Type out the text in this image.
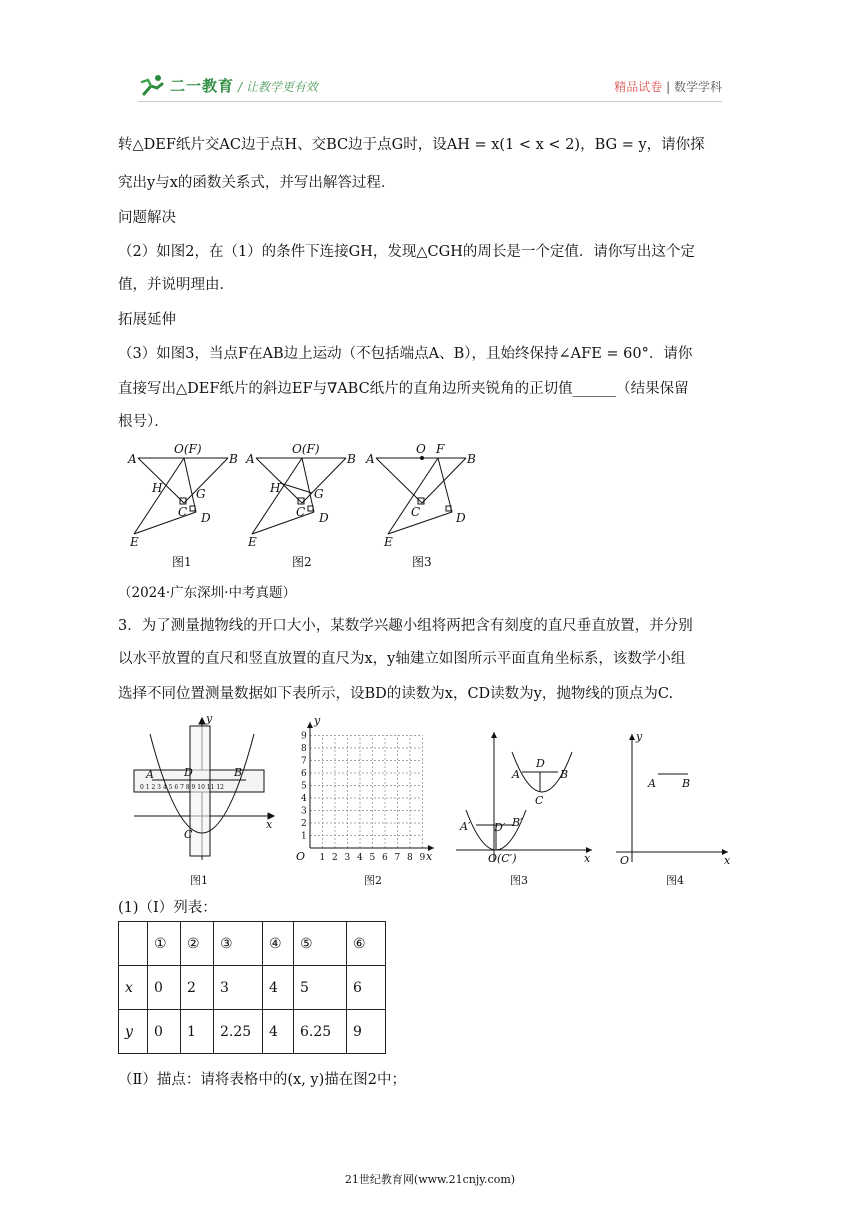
二一教育 / 让教学更有效	精品试卷 | 数学学科
转△DEF纸片交AC边于点H、交BC边于点G时，设AH = x(1 < x < 2)，BG = y，请你探
究出y与x的函数关系式，并写出解答过程．
问题解决
（2）如图2，在（1）的条件下连接GH，发现△CGH的周长是一个定值．请你写出这个定
值，并说明理由．
拓展延伸
（3）如图3，当点F在AB边上运动（不包括端点A、B），且始终保持∠AFE = 60°．请你
直接写出△DEF纸片的斜边EF与∇ABC纸片的直角边所夹锐角的正切值______（结果保留
根号）．
A	B
O(F)
H	G
C D
E
A	B
O(F)
H	G
C D
E
A	B
O F
C	D
E
图1	图2	图3
（2024·广东深圳·中考真题）
3．为了测量抛物线的开口大小，某数学兴趣小组将两把含有刻度的直尺垂直放置，并分别
以水平放置的直尺和竖直放置的直尺为x，y轴建立如图所示平面直角坐标系，该数学小组
选择不同位置测量数据如下表所示，设BD的读数为x，CD读数为y，抛物线的顶点为C.
y
x
A	D	B
C
0 1 2 3 4 5 6 7 8 9 10 11 12
图1
1
1
2
2
3
3
4
4
5
5
6
6
7
7
8
8
9
9
y
x
O
图2
x
A′ D′ B′
O(C′)
A
D
B
C
图3
y
x
O
A B
图4
(1)（Ⅰ）列表：
	①	②	③	④	⑤	⑥
x	0	2	3	4	5	6
y	0	1	2.25	4	6.25	9
（Ⅱ）描点：请将表格中的(x, y)描在图2中；
21世纪教育网(www.21cnjy.com)
